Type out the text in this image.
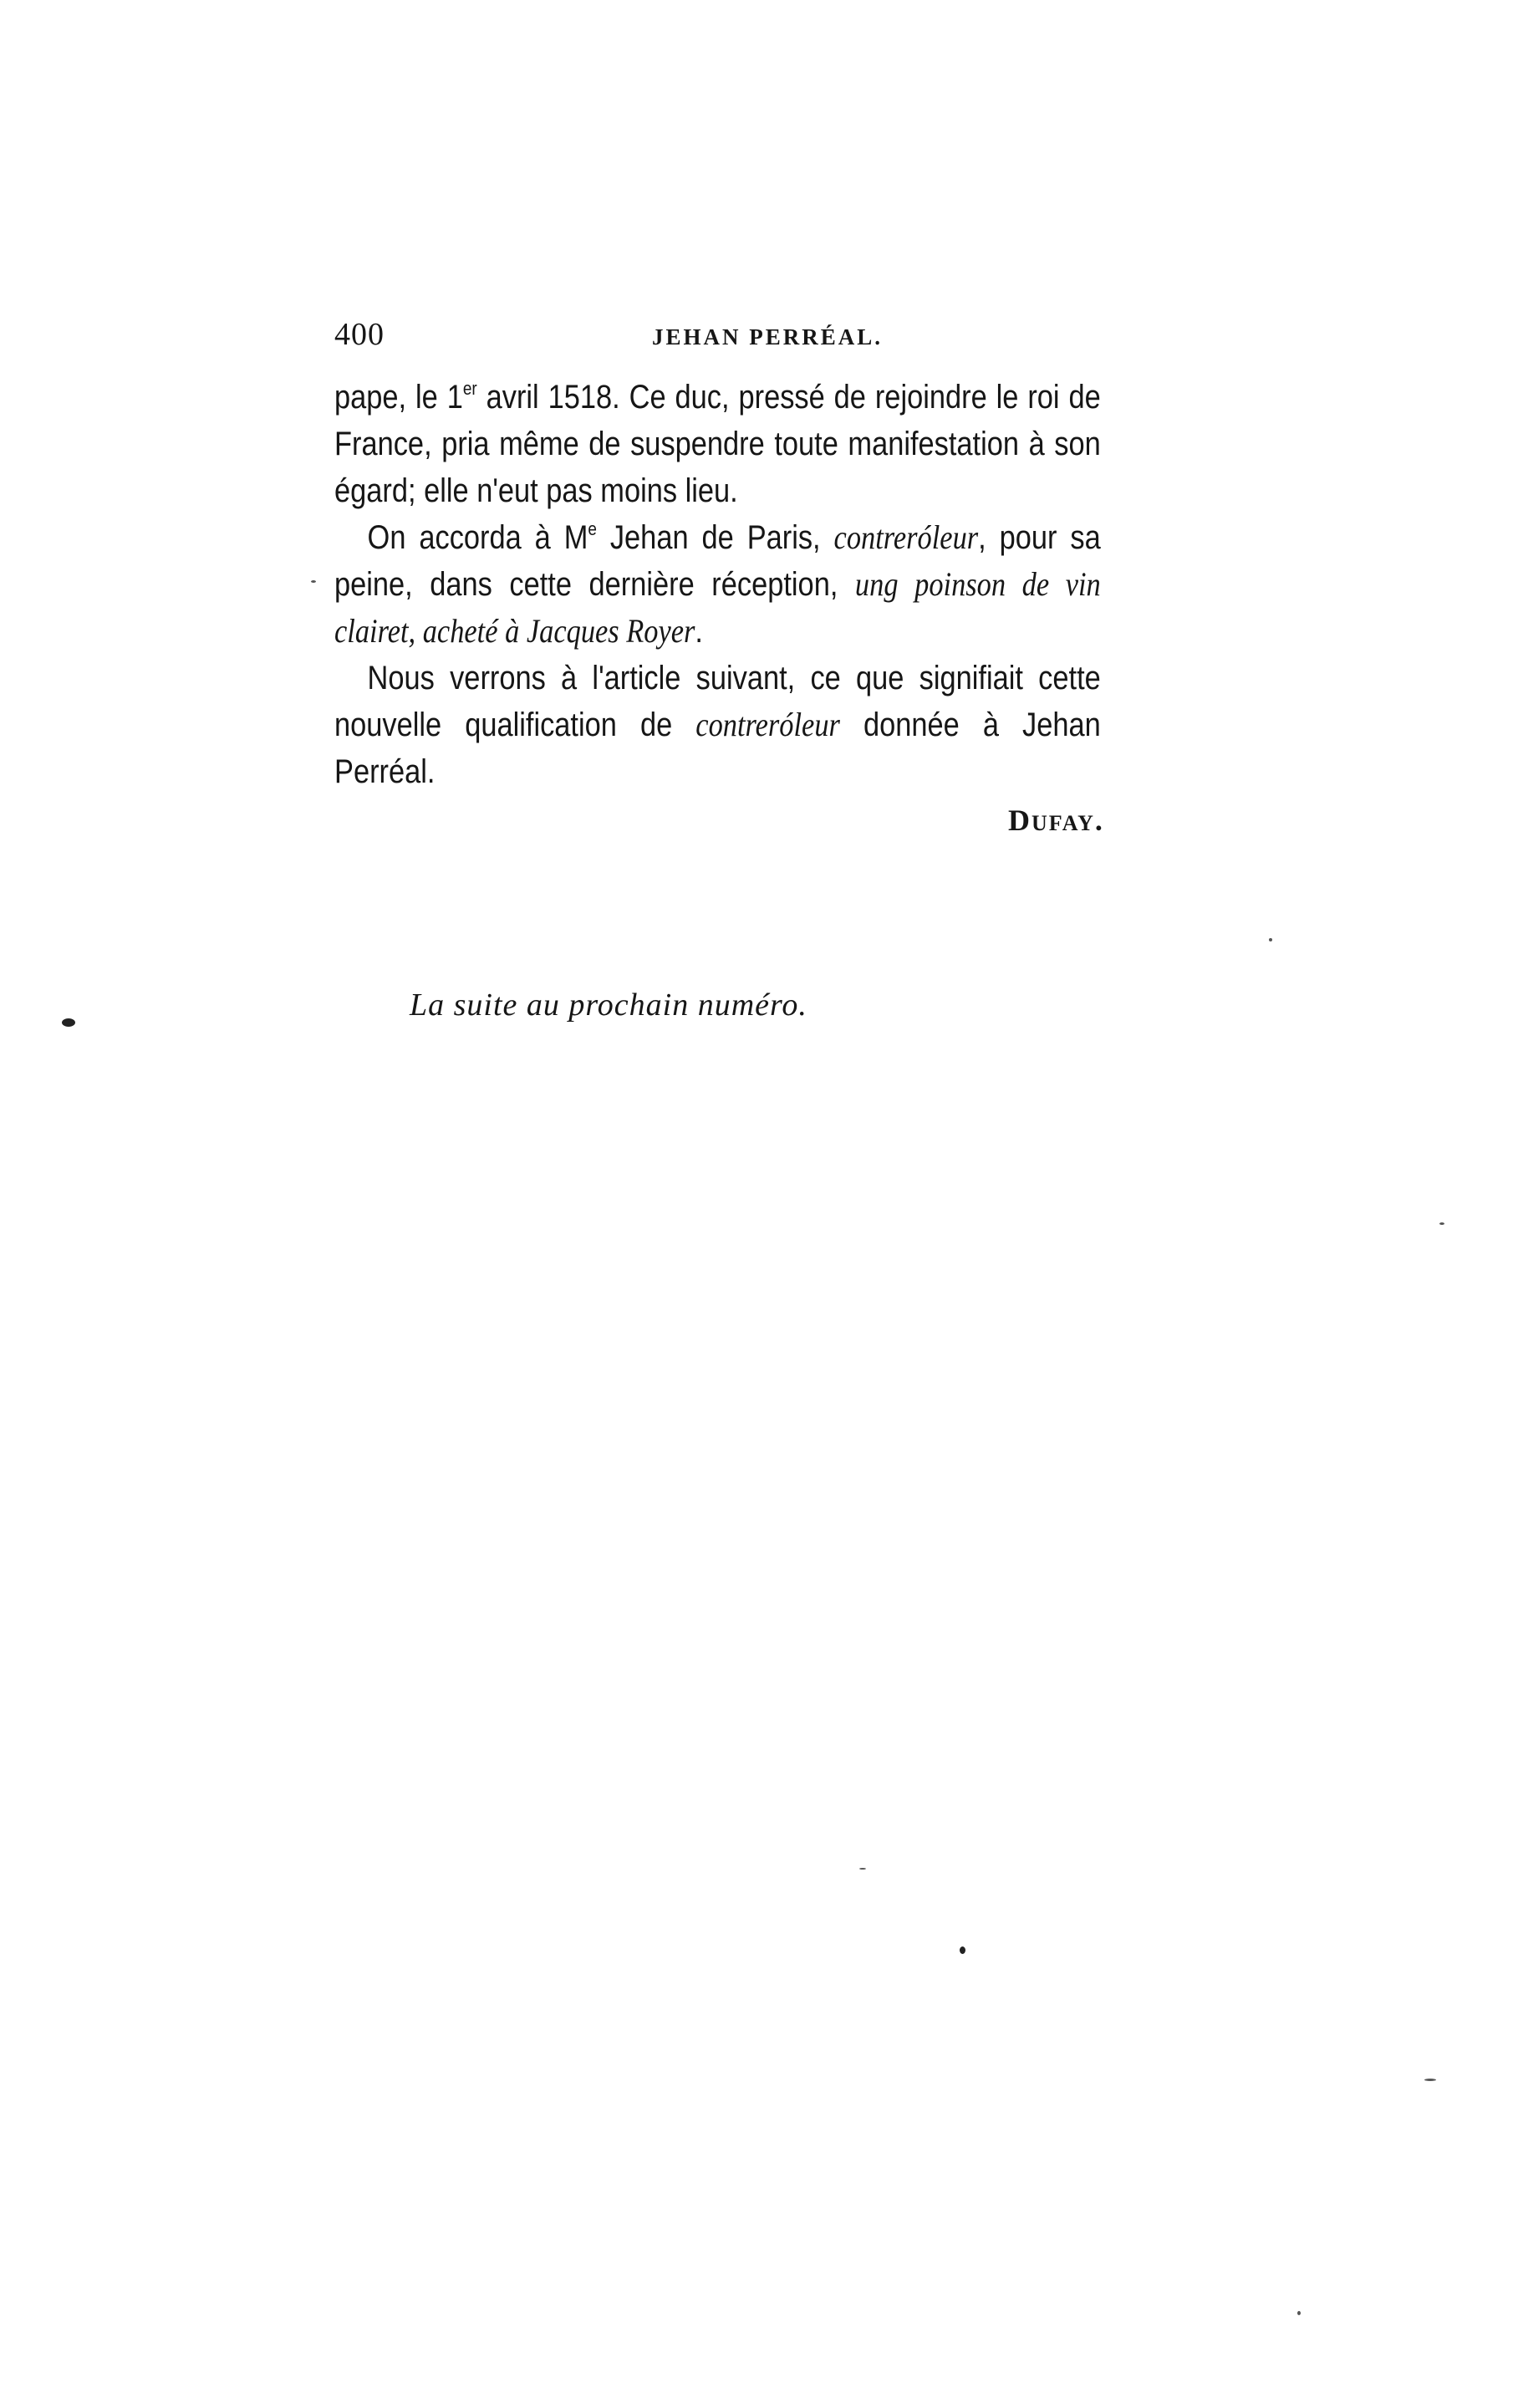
400	JEHAN PERRÉAL.

pape, le 1er avril 1518. Ce duc, pressé de rejoindre le roi de France, pria même de suspendre toute manifestation à son égard; elle n'eut pas moins lieu.

On accorda à Me Jehan de Paris, contreróleur, pour sa peine, dans cette dernière réception, ung poinson de vin clairet, acheté à Jacques Royer.

Nous verrons à l'article suivant, ce que signifiait cette nouvelle qualification de contreróleur donnée à Jehan Perréal.

DUFAY.
La suite au prochain numéro.
